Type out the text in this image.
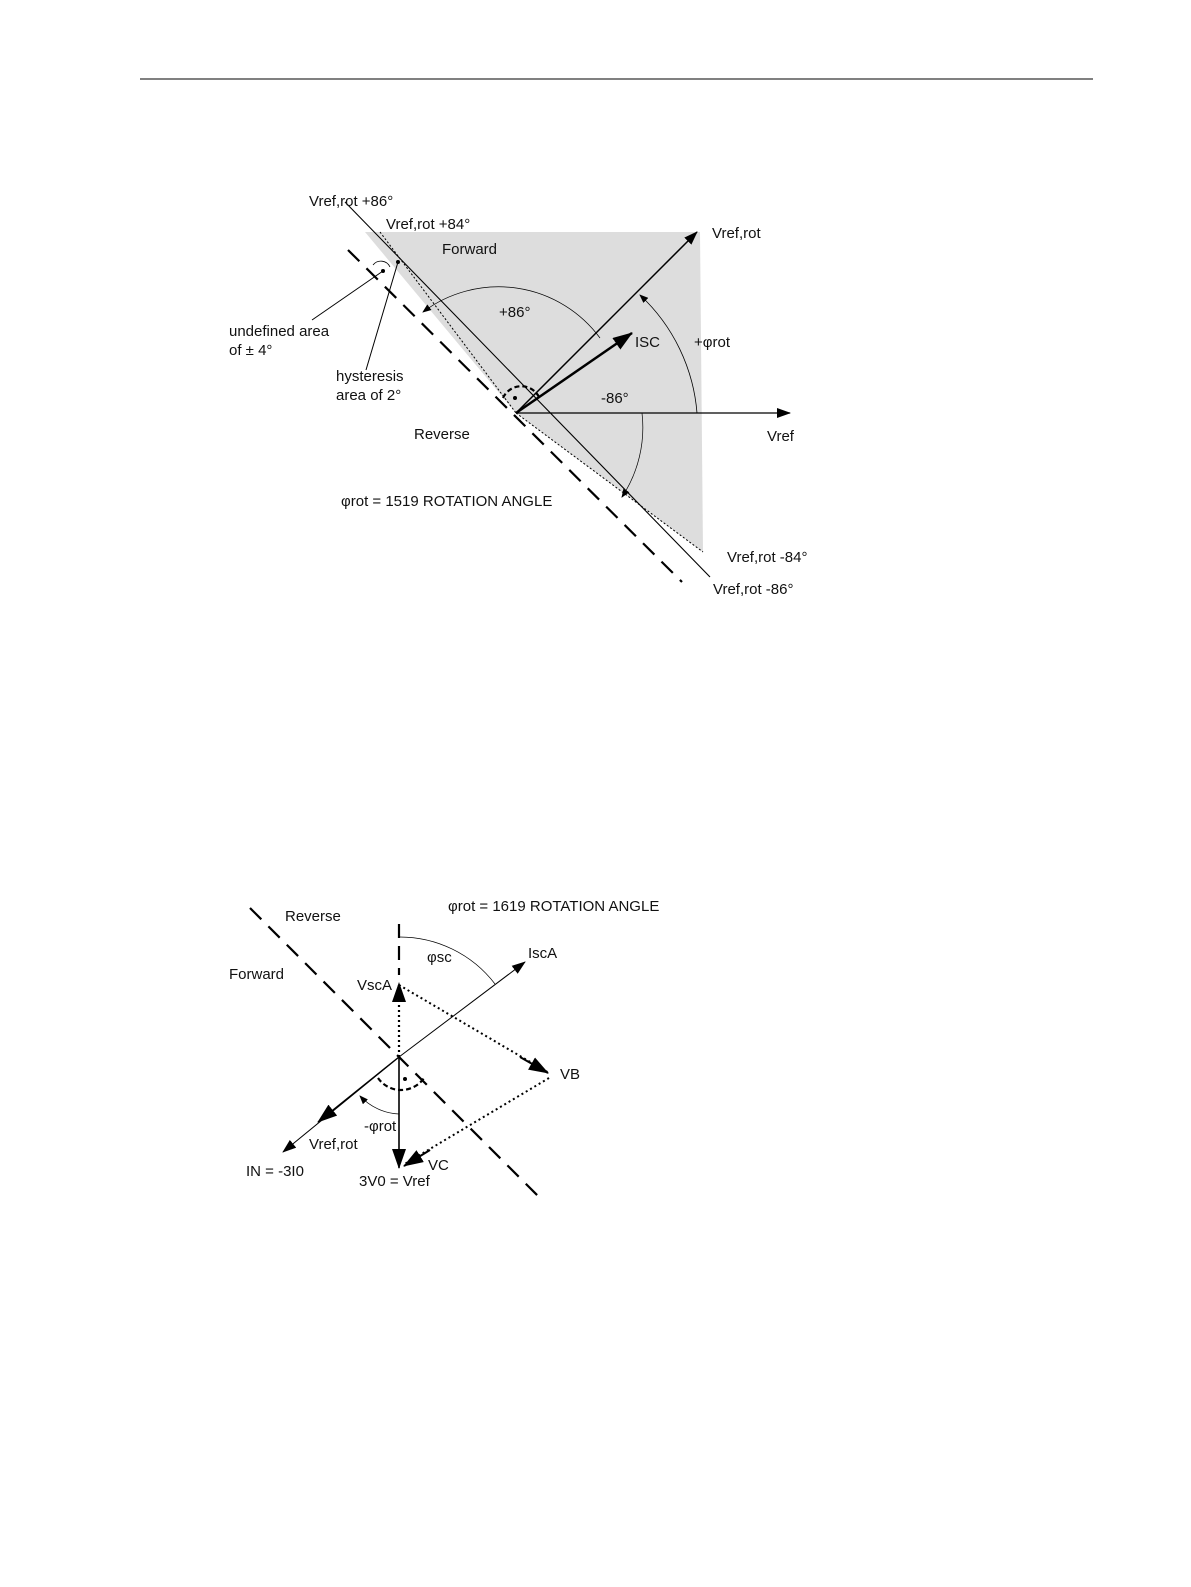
Vref,rot +86°
Vref,rot +84°
Forward
Vref,rot
undefined area
of ± 4°
hysteresis
area of 2°
+86°
ISC +φrot
-86°
Reverse	Vref
φrot = 1519 ROTATION ANGLE
Vref,rot -84°
Vref,rot -86°
Reverse
Forward
φrot = 1619 ROTATION ANGLE
φsc	IscA
VscA
VB
-φrot
Vref,rot
IN = -3I0	VC
3V0 = Vref
